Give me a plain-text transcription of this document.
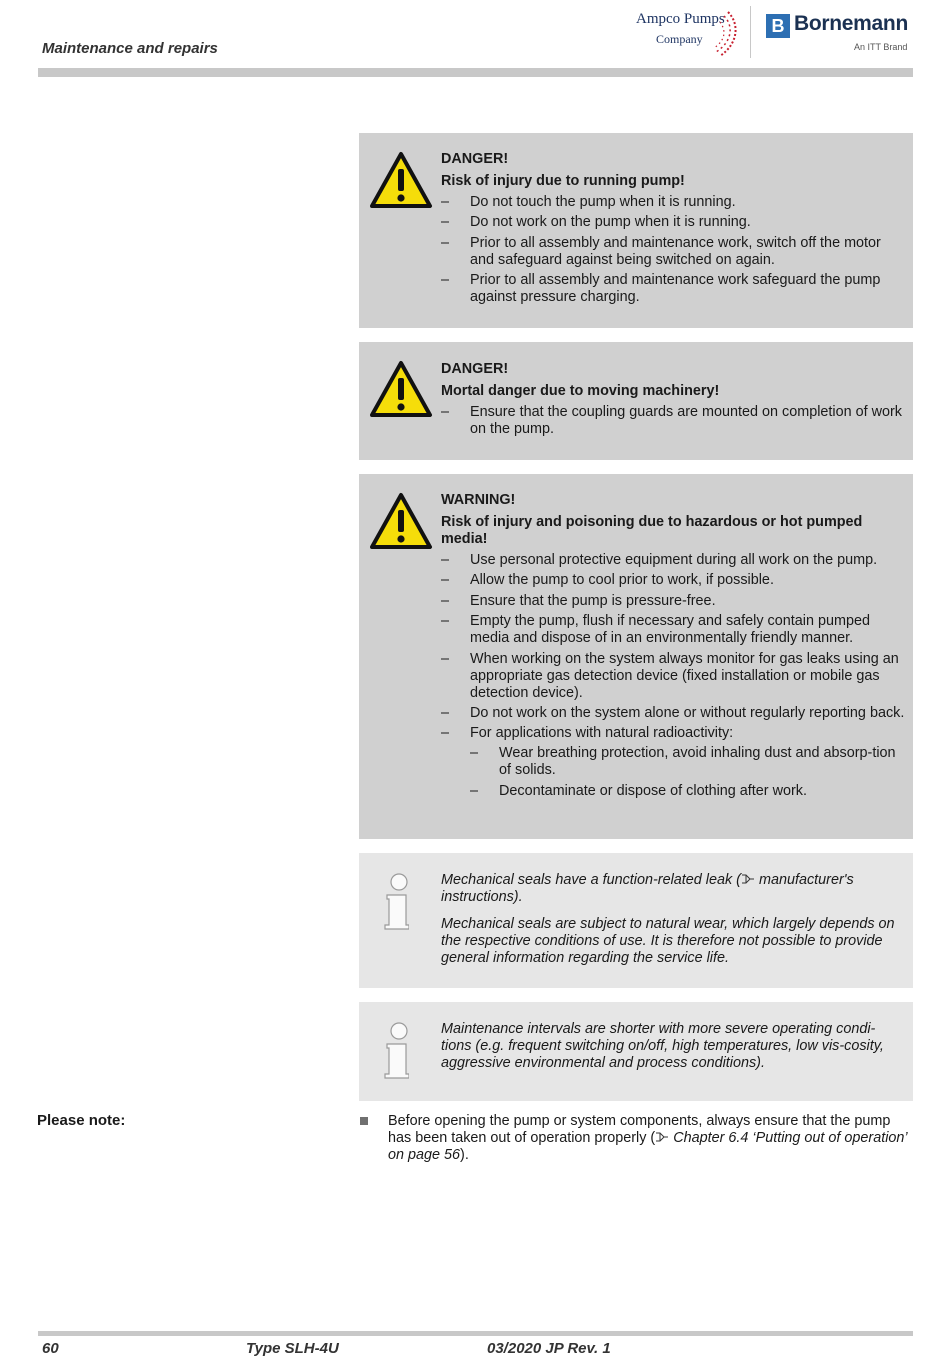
Maintenance and repairs
Ampco Pumps
Company
B Bornemann
An ITT Brand
DANGER!
Risk of injury due to running pump!
– Do not touch the pump when it is running.
– Do not work on the pump when it is running.
– Prior to all assembly and maintenance work, switch off the motor and safeguard against being switched on again.
– Prior to all assembly and maintenance work safeguard the pump against pressure charging.
DANGER!
Mortal danger due to moving machinery!
– Ensure that the coupling guards are mounted on completion of work on the pump.
WARNING!
Risk of injury and poisoning due to hazardous or hot pumped media!
– Use personal protective equipment during all work on the pump.
– Allow the pump to cool prior to work, if possible.
– Ensure that the pump is pressure-free.
– Empty the pump, flush if necessary and safely contain pumped media and dispose of in an environmentally friendly manner.
– When working on the system always monitor for gas leaks using an appropriate gas detection device (fixed installation or mobile gas detection device).
– Do not work on the system alone or without regularly reporting back.
– For applications with natural radioactivity:
– Wear breathing protection, avoid inhaling dust and absorp-tion of solids.
– Decontaminate or dispose of clothing after work.

Mechanical seals have a function-related leak ( manufacturer's instructions).

Mechanical seals are subject to natural wear, which largely depends on the respective conditions of use. It is therefore not possible to provide general information regarding the service life.

Maintenance intervals are shorter with more severe operating condi-tions (e.g. frequent switching on/off, high temperatures, low vis-cosity, aggressive environmental and process conditions).

Please note:	Before opening the pump or system components, always ensure that the pump has been taken out of operation properly ( Chapter 6.4 ‘Putting out of operation’ on page 56).
60	Type SLH-4U	03/2020 JP Rev. 1
